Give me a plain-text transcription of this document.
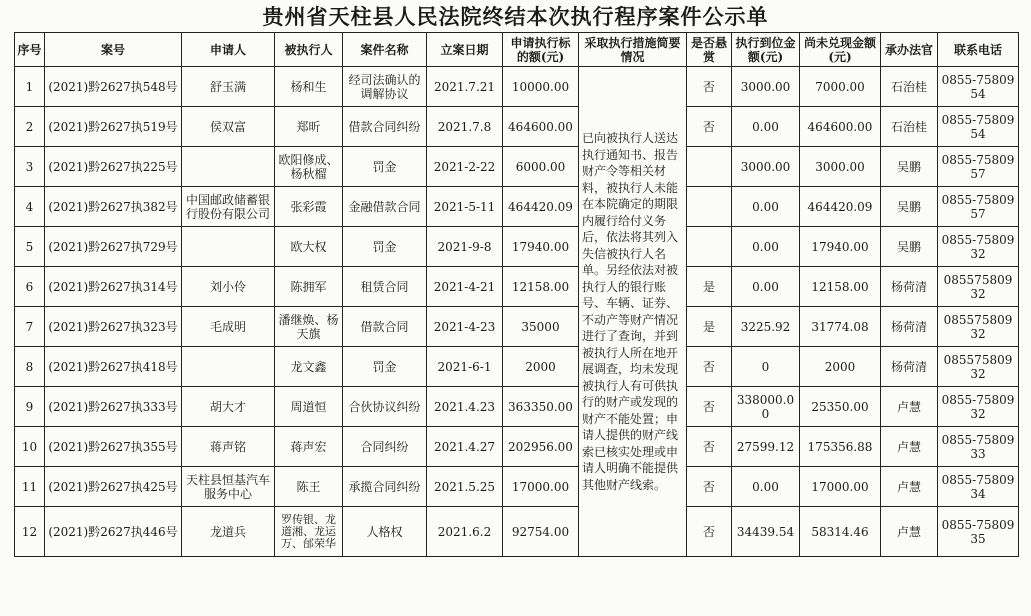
贵州省天柱县人民法院终结本次执行程序案件公示单
序号	案号	申请人	被执行人	案件名称	立案日期	申请执行标的额(元)	采取执行措施简要情况	是否悬赏	执行到位金额(元)	尚未兑现金额(元)	承办法官	联系电话
1	(2021)黔2627执548号	舒玉满	杨和生	经司法确认的调解协议	2021.7.21	10000.00	已向被执行人送达执行通知书、报告财产令等相关材料，被执行人未能在本院确定的期限内履行给付义务后，依法将其列入失信被执行人名单。另经依法对被执行人的银行账号、车辆、证券、不动产等财产情况进行了查询，并到被执行人所在地开展调查，均未发现被执行人有可供执行的财产或发现的财产不能处置；申请人提供的财产线索已核实处理或申请人明确不能提供其他财产线索。	否	3000.00	7000.00	石治桂	0855-7580954
2	(2021)黔2627执519号	侯双富	郑昕	借款合同纠纷	2021.7.8	464600.00		否	0.00	464600.00	石治桂	0855-7580954
3	(2021)黔2627执225号		欧阳修成、杨秋榴	罚金	2021-2-22	6000.00			3000.00	3000.00	吴鹏	0855-7580957
4	(2021)黔2627执382号	中国邮政储蓄银行股份有限公司	张彩霞	金融借款合同	2021-5-11	464420.09			0.00	464420.09	吴鹏	0855-7580957
5	(2021)黔2627执729号		欧大权	罚金	2021-9-8	17940.00			0.00	17940.00	吴鹏	0855-7580932
6	(2021)黔2627执314号	刘小伶	陈拥军	租赁合同	2021-4-21	12158.00		是	0.00	12158.00	杨荷清	08557580932
7	(2021)黔2627执323号	毛成明	潘继焕、杨天旗	借款合同	2021-4-23	35000		是	3225.92	31774.08	杨荷清	08557580932
8	(2021)黔2627执418号		龙文鑫	罚金	2021-6-1	2000		否	0	2000	杨荷清	08557580932
9	(2021)黔2627执333号	胡大才	周道恒	合伙协议纠纷	2021.4.23	363350.00		否	338000.00	25350.00	卢慧	0855-7580932
10	(2021)黔2627执355号	蒋声铭	蒋声宏	合同纠纷	2021.4.27	202956.00		否	27599.12	175356.88	卢慧	0855-7580933
11	(2021)黔2627执425号	天柱县恒基汽车服务中心	陈王	承揽合同纠纷	2021.5.25	17000.00		否	0.00	17000.00	卢慧	0855-7580934
12	(2021)黔2627执446号	龙道兵	罗传银、龙道湘、龙运万、邰荣华	人格权	2021.6.2	92754.00		否	34439.54	58314.46	卢慧	0855-7580935
